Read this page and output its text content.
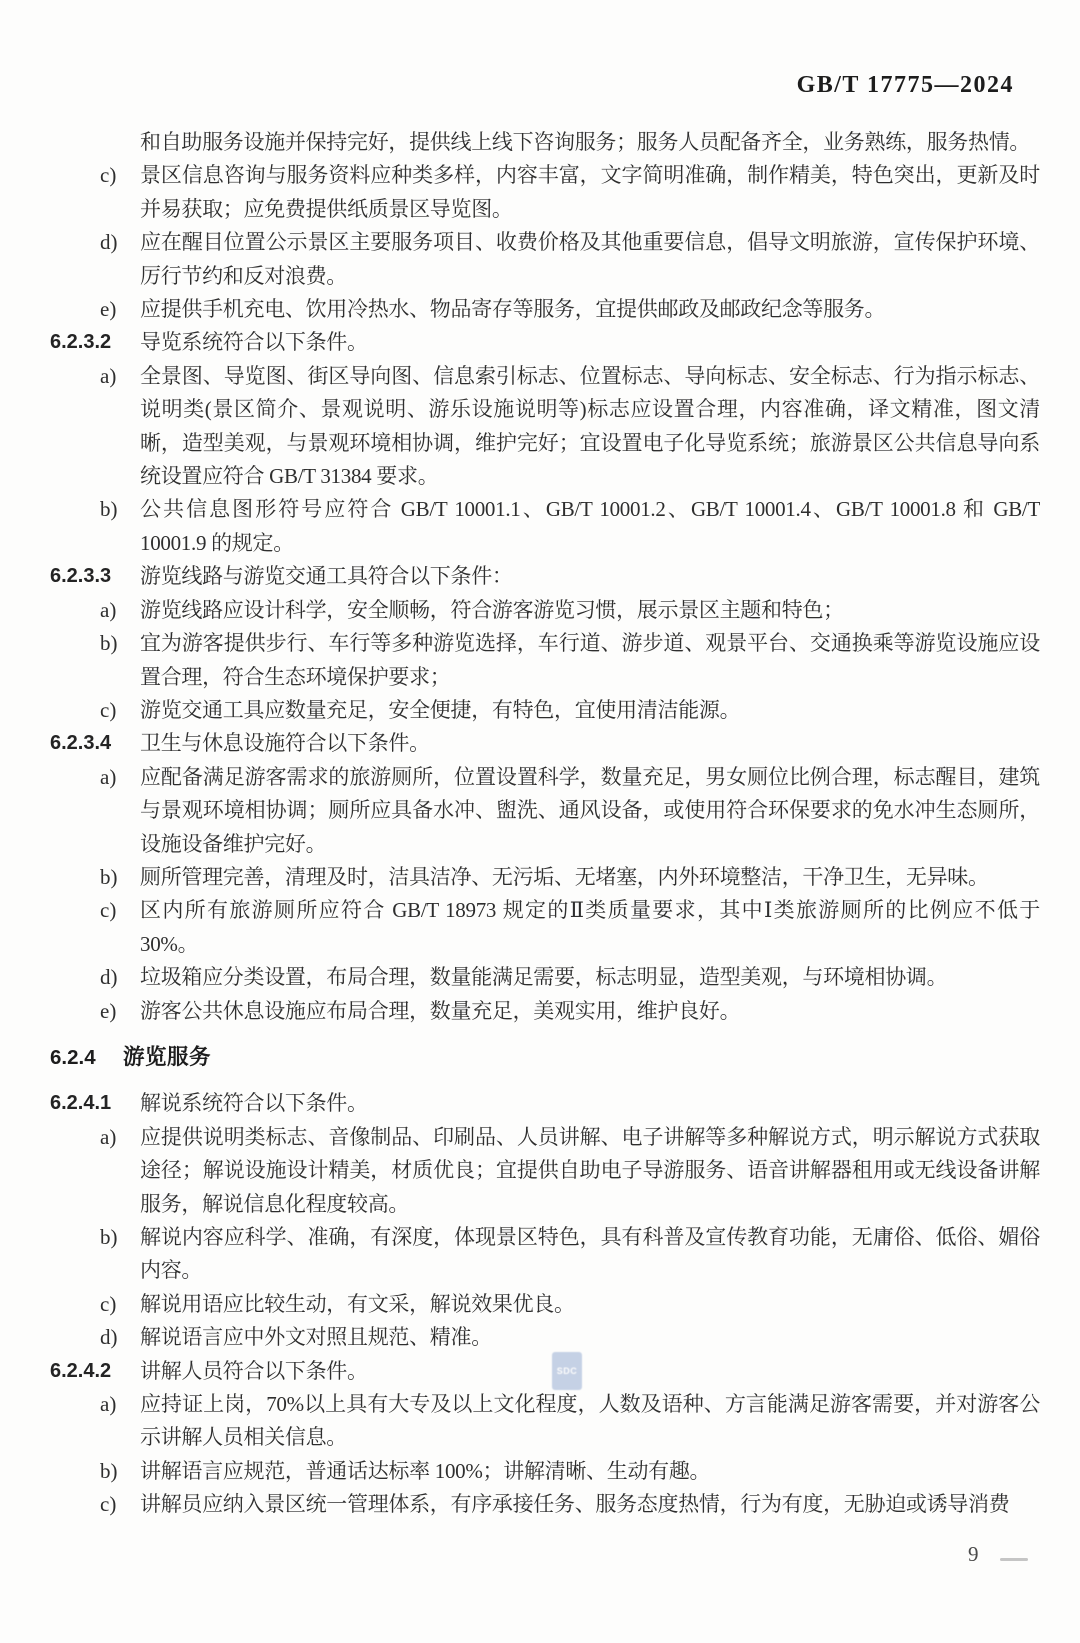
GB/T 17775—2024
和自助服务设施并保持完好，提供线上线下咨询服务；服务人员配备齐全，业务熟练，服务热情。
c) 景区信息咨询与服务资料应种类多样，内容丰富，文字简明准确，制作精美，特色突出，更新及时并易获取；应免费提供纸质景区导览图。
d) 应在醒目位置公示景区主要服务项目、收费价格及其他重要信息，倡导文明旅游，宣传保护环境、厉行节约和反对浪费。
e) 应提供手机充电、饮用冷热水、物品寄存等服务，宜提供邮政及邮政纪念等服务。
6.2.3.2 导览系统符合以下条件。
a) 全景图、导览图、街区导向图、信息索引标志、位置标志、导向标志、安全标志、行为指示标志、说明类(景区简介、景观说明、游乐设施说明等)标志应设置合理，内容准确，译文精准，图文清晰，造型美观，与景观环境相协调，维护完好；宜设置电子化导览系统；旅游景区公共信息导向系统设置应符合 GB/T 31384 要求。
b) 公共信息图形符号应符合 GB/T 10001.1、GB/T 10001.2、GB/T 10001.4、GB/T 10001.8 和 GB/T 10001.9 的规定。
6.2.3.3 游览线路与游览交通工具符合以下条件：
a) 游览线路应设计科学，安全顺畅，符合游客游览习惯，展示景区主题和特色；
b) 宜为游客提供步行、车行等多种游览选择，车行道、游步道、观景平台、交通换乘等游览设施应设置合理，符合生态环境保护要求；
c) 游览交通工具应数量充足，安全便捷，有特色，宜使用清洁能源。
6.2.3.4 卫生与休息设施符合以下条件。
a) 应配备满足游客需求的旅游厕所，位置设置科学，数量充足，男女厕位比例合理，标志醒目，建筑与景观环境相协调；厕所应具备水冲、盥洗、通风设备，或使用符合环保要求的免水冲生态厕所，设施设备维护完好。
b) 厕所管理完善，清理及时，洁具洁净、无污垢、无堵塞，内外环境整洁，干净卫生，无异味。
c) 区内所有旅游厕所应符合 GB/T 18973 规定的Ⅱ类质量要求，其中Ⅰ类旅游厕所的比例应不低于 30%。
d) 垃圾箱应分类设置，布局合理，数量能满足需要，标志明显，造型美观，与环境相协调。
e) 游客公共休息设施应布局合理，数量充足，美观实用，维护良好。
6.2.4 游览服务
6.2.4.1 解说系统符合以下条件。
a) 应提供说明类标志、音像制品、印刷品、人员讲解、电子讲解等多种解说方式，明示解说方式获取途径；解说设施设计精美，材质优良；宜提供自助电子导游服务、语音讲解器租用或无线设备讲解服务，解说信息化程度较高。
b) 解说内容应科学、准确，有深度，体现景区特色，具有科普及宣传教育功能，无庸俗、低俗、媚俗内容。
c) 解说用语应比较生动，有文采，解说效果优良。
d) 解说语言应中外文对照且规范、精准。
6.2.4.2 讲解人员符合以下条件。
a) 应持证上岗，70%以上具有大专及以上文化程度，人数及语种、方言能满足游客需要，并对游客公示讲解人员相关信息。
b) 讲解语言应规范，普通话达标率 100%；讲解清晰、生动有趣。
c) 讲解员应纳入景区统一管理体系，有序承接任务、服务态度热情，行为有度，无胁迫或诱导消费
SDC
9
